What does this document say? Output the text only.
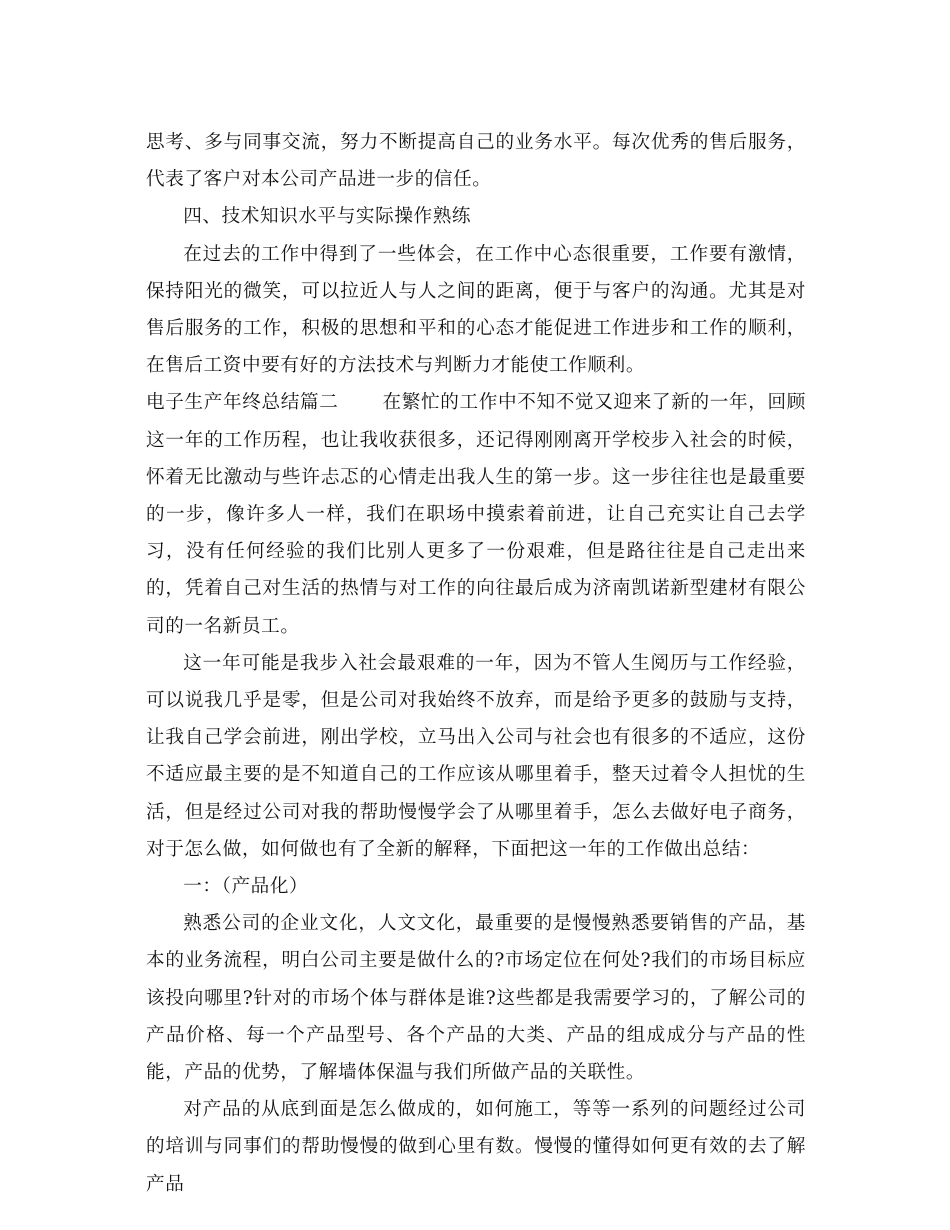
思考、多与同事交流，努力不断提高自己的业务水平。每次优秀的售后服务，代表了客户对本公司产品进一步的信任。

四、技术知识水平与实际操作熟练

在过去的工作中得到了一些体会，在工作中心态很重要，工作要有激情，保持阳光的微笑，可以拉近人与人之间的距离，便于与客户的沟通。尤其是对售后服务的工作，积极的思想和平和的心态才能促进工作进步和工作的顺利，在售后工资中要有好的方法技术与判断力才能使工作顺利。

电子生产年终总结篇二 在繁忙的工作中不知不觉又迎来了新的一年，回顾这一年的工作历程，也让我收获很多，还记得刚刚离开学校步入社会的时候，怀着无比激动与些许忐忑的心情走出我人生的第一步。这一步往往也是最重要的一步，像许多人一样，我们在职场中摸索着前进，让自己充实让自己去学习，没有任何经验的我们比别人更多了一份艰难，但是路往往是自己走出来的，凭着自己对生活的热情与对工作的向往最后成为济南凯诺新型建材有限公司的一名新员工。

这一年可能是我步入社会最艰难的一年，因为不管人生阅历与工作经验，可以说我几乎是零，但是公司对我始终不放弃，而是给予更多的鼓励与支持，让我自己学会前进，刚出学校，立马出入公司与社会也有很多的不适应，这份不适应最主要的是不知道自己的工作应该从哪里着手，整天过着令人担忧的生活，但是经过公司对我的帮助慢慢学会了从哪里着手，怎么去做好电子商务，对于怎么做，如何做也有了全新的解释，下面把这一年的工作做出总结：

一：（产品化）

熟悉公司的企业文化，人文文化，最重要的是慢慢熟悉要销售的产品，基本的业务流程，明白公司主要是做什么的?市场定位在何处?我们的市场目标应该投向哪里?针对的市场个体与群体是谁?这些都是我需要学习的，了解公司的产品价格、每一个产品型号、各个产品的大类、产品的组成成分与产品的性能，产品的优势，了解墙体保温与我们所做产品的关联性。

对产品的从底到面是怎么做成的，如何施工，等等一系列的问题经过公司的培训与同事们的帮助慢慢的做到心里有数。慢慢的懂得如何更有效的去了解产品
